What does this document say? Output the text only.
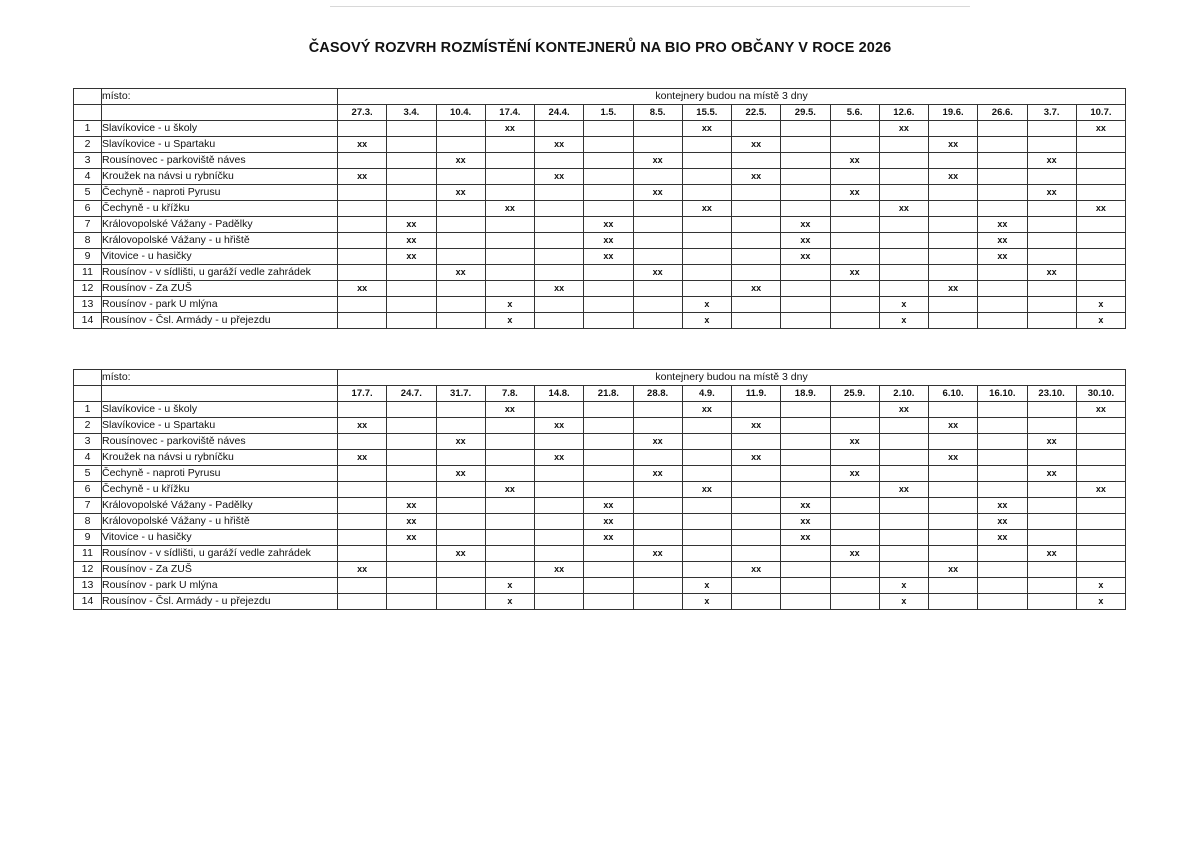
ČASOVÝ ROZVRH ROZMÍSTĚNÍ KONTEJNERŮ NA BIO PRO OBČANY V ROCE 2026
	místo:	kontejnery budou na místě 3 dny															
		27.3.	3.4.	10.4.	17.4.	24.4.	1.5.	8.5.	15.5.	22.5.	29.5.	5.6.	12.6.	19.6.	26.6.	3.7.	10.7.
1	Slavíkovice - u školy				xx				xx				xx				xx
2	Slavíkovice - u Spartaku	xx				xx				xx				xx			
3	Rousínovec - parkoviště náves			xx				xx				xx				xx	
4	Kroužek na návsi u rybníčku	xx				xx				xx				xx			
5	Čechyně - naproti Pyrusu			xx				xx				xx				xx	
6	Čechyně - u křížku				xx				xx				xx				xx
7	Královopolské Vážany - Padělky		xx				xx				xx				xx		
8	Královopolské Vážany - u hřiště		xx				xx				xx				xx		
9	Vitovice - u hasičky		xx				xx				xx				xx		
11	Rousínov - v sídlišti, u garáží vedle zahrádek			xx				xx				xx				xx	
12	Rousínov - Za ZUŠ	xx				xx				xx				xx			
13	Rousínov - park U mlýna				x				x				x				x
14	Rousínov - Čsl. Armády - u přejezdu				x				x				x				x
	místo:	kontejnery budou na místě 3 dny															
		17.7.	24.7.	31.7.	7.8.	14.8.	21.8.	28.8.	4.9.	11.9.	18.9.	25.9.	2.10.	6.10.	16.10.	23.10.	30.10.
1	Slavíkovice - u školy				xx				xx				xx				xx
2	Slavíkovice - u Spartaku	xx				xx				xx				xx			
3	Rousínovec - parkoviště náves			xx				xx				xx				xx	
4	Kroužek na návsi u rybníčku	xx				xx				xx				xx			
5	Čechyně - naproti Pyrusu			xx				xx				xx				xx	
6	Čechyně - u křížku				xx				xx				xx				xx
7	Královopolské Vážany - Padělky		xx				xx				xx				xx		
8	Královopolské Vážany - u hřiště		xx				xx				xx				xx		
9	Vitovice - u hasičky		xx				xx				xx				xx		
11	Rousínov - v sídlišti, u garáží vedle zahrádek			xx				xx				xx				xx	
12	Rousínov - Za ZUŠ	xx				xx				xx				xx			
13	Rousínov - park U mlýna				x				x				x				x
14	Rousínov - Čsl. Armády - u přejezdu				x				x				x				x
